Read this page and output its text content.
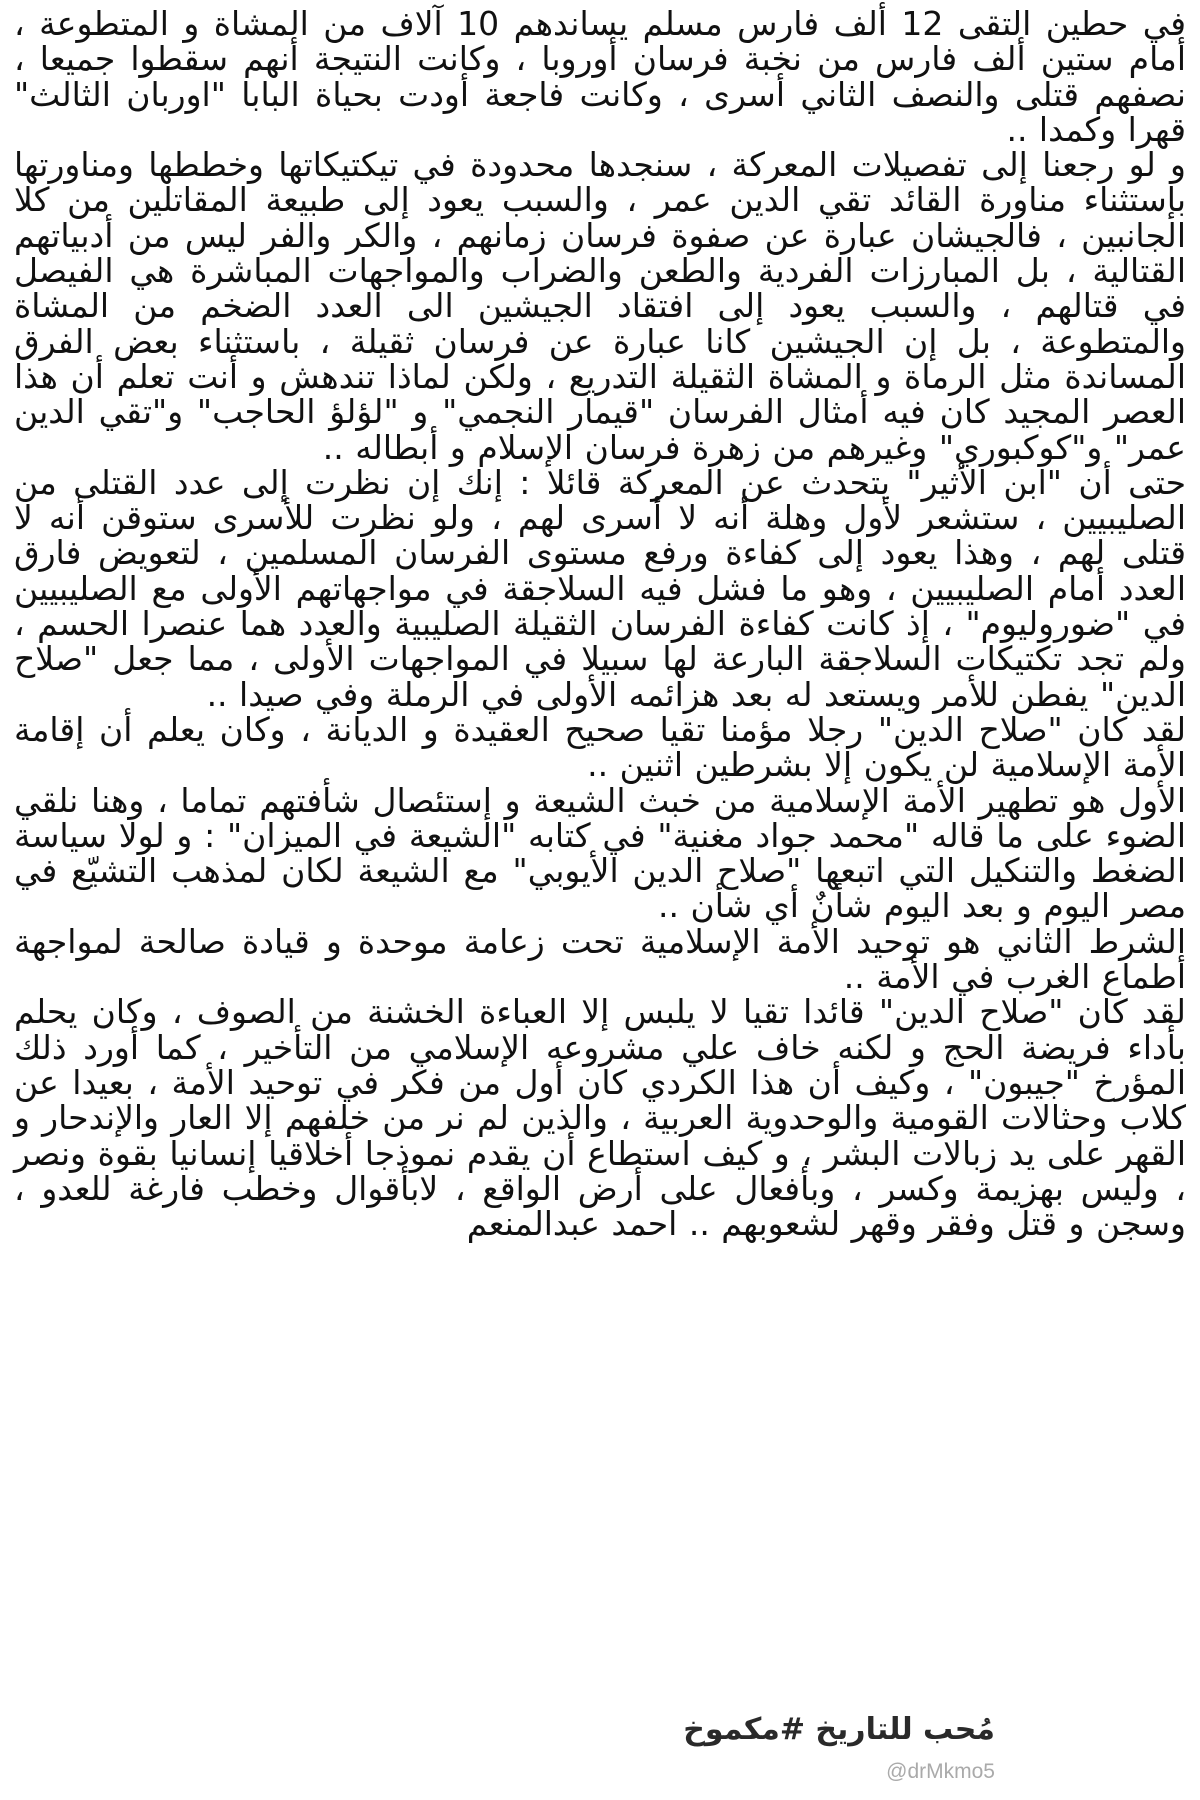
في حطين التقى 12 ألف فارس مسلم يساندهم 10 آلاف من المشاة و المتطوعة ، أمام ستين ألف فارس من نخبة فرسان أوروبا ، وكانت النتيجة أنهم سقطوا جميعا ، نصفهم قتلى والنصف الثاني أسرى ، وكانت فاجعة أودت بحياة البابا "اوربان الثالث" قهرا وكمدا ..

و لو رجعنا إلى تفصيلات المعركة ، سنجدها محدودة في تيكتيكاتها وخططها ومناورتها بإستثناء مناورة القائد تقي الدين عمر ، والسبب يعود إلى طبيعة المقاتلين من كلا الجانبين ، فالجيشان عبارة عن صفوة فرسان زمانهم ، والكر والفر ليس من أدبياتهم القتالية ، بل المبارزات الفردية والطعن والضراب والمواجهات المباشرة هي الفيصل في قتالهم ، والسبب يعود إلى افتقاد الجيشين الى العدد الضخم من المشاة والمتطوعة ، بل إن الجيشين كانا عبارة عن فرسان ثقيلة ، باستثناء بعض الفرق المساندة مثل الرماة و المشاة الثقيلة التدريع ، ولكن لماذا تندهش و أنت تعلم أن هذا العصر المجيد كان فيه أمثال الفرسان "قيمار النجمي" و "لؤلؤ الحاجب" و"تقي الدين عمر" و"كوكبوري" وغيرهم من زهرة فرسان الإسلام و أبطاله ..

حتى أن "ابن الأثير" يتحدث عن المعركة قائلا : إنك إن نظرت إلى عدد القتلى من الصليبيين ، ستشعر لأول وهلة أنه لا أسرى لهم ، ولو نظرت للأسرى ستوقن أنه لا قتلى لهم ، وهذا يعود إلى كفاءة ورفع مستوى الفرسان المسلمين ، لتعويض فارق العدد أمام الصليبيين ، وهو ما فشل فيه السلاجقة في مواجهاتهم الأولى مع الصليبيين في "ضوروليوم" ، إذ كانت كفاءة الفرسان الثقيلة الصليبية والعدد هما عنصرا الحسم ، ولم تجد تكتيكات السلاجقة البارعة لها سبيلا في المواجهات الأولى ، مما جعل "صلاح الدين" يفطن للأمر ويستعد له بعد هزائمه الأولى في الرملة وفي صيدا ..

لقد كان "صلاح الدين" رجلا مؤمنا تقيا صحيح العقيدة و الديانة ، وكان يعلم أن إقامة الأمة الإسلامية لن يكون إلا بشرطين اثنين ..

الأول هو تطهير الأمة الإسلامية من خبث الشيعة و إستئصال شأفتهم تماما ، وهنا نلقي الضوء على ما قاله "محمد جواد مغنية" في كتابه "الشيعة في الميزان" : و لولا سياسة الضغط والتنكيل التي اتبعها "صلاح الدين الأيوبي" مع الشيعة لكان لمذهب التشيّع في مصر اليوم و بعد اليوم شأنٌ أي شأن ..

الشرط الثاني هو توحيد الأمة الإسلامية تحت زعامة موحدة و قيادة صالحة لمواجهة أطماع الغرب في الأمة ..

لقد كان "صلاح الدين" قائدا تقيا لا يلبس إلا العباءة الخشنة من الصوف ، وكان يحلم بأداء فريضة الحج و لكنه خاف علي مشروعه الإسلامي من التأخير ، كما أورد ذلك المؤرخ "جيبون" ، وكيف أن هذا الكردي كان أول من فكر في توحيد الأمة ، بعيدا عن كلاب وحثالات القومية والوحدوية العربية ، والذين لم نر من خلفهم إلا العار والإندحار و القهر على يد زبالات البشر ، و كيف استطاع أن يقدم نموذجا أخلاقيا إنسانيا بقوة ونصر ، وليس بهزيمة وكسر ، وبأفعال على أرض الواقع ، لابأقوال وخطب فارغة للعدو ، وسجن و قتل وفقر وقهر لشعوبهم .. احمد عبدالمنعم

مُحب للتاريخ #مكموخ
@drMkmo5
